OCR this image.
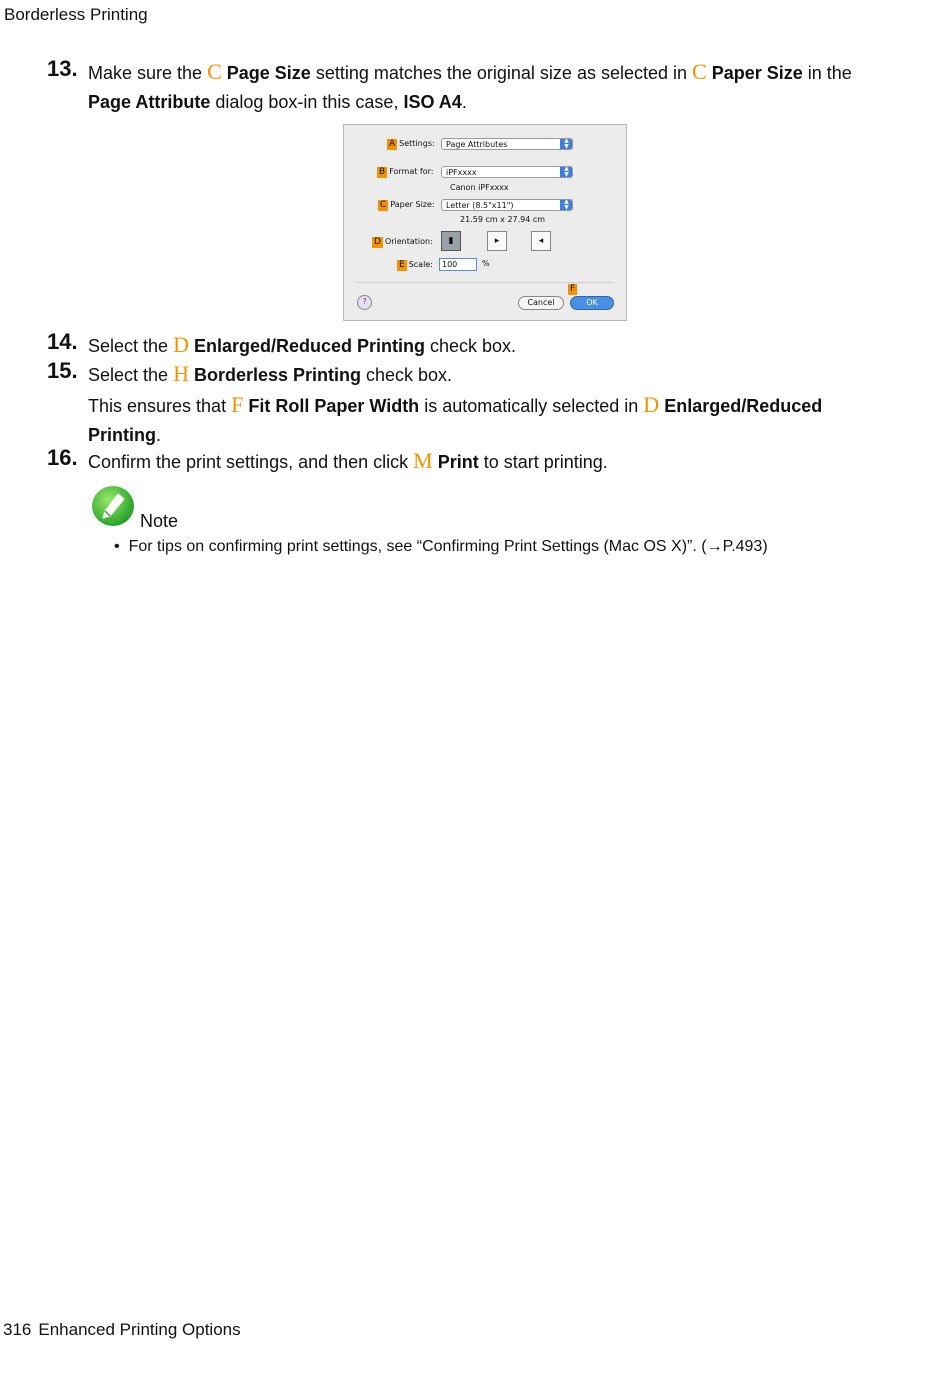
Borderless Printing
13. Make sure the C Page Size setting matches the original size as selected in C Paper Size in the
Page Attribute dialog box-in this case, ISO A4.
A Settings:	Page Attributes	▲
▼
B Format for:	iPFxxxx	▲
▼
Canon iPFxxxx
C Paper Size:	Letter (8.5"x11")	▲
▼
21.59 cm x 27.94 cm
D Orientation:	▮	▸	◂
E Scale:	100	%
?
F
Cancel	OK
14. Select the D Enlarged/Reduced Printing check box.
15. Select the H Borderless Printing check box.
This ensures that F Fit Roll Paper Width is automatically selected in D Enlarged/Reduced
Printing.
16. Confirm the print settings, and then click M Print to start printing.
Note
• For tips on confirming print settings, see “Confirming Print Settings (Mac OS X)”. (→P.493)
316 Enhanced Printing Options
